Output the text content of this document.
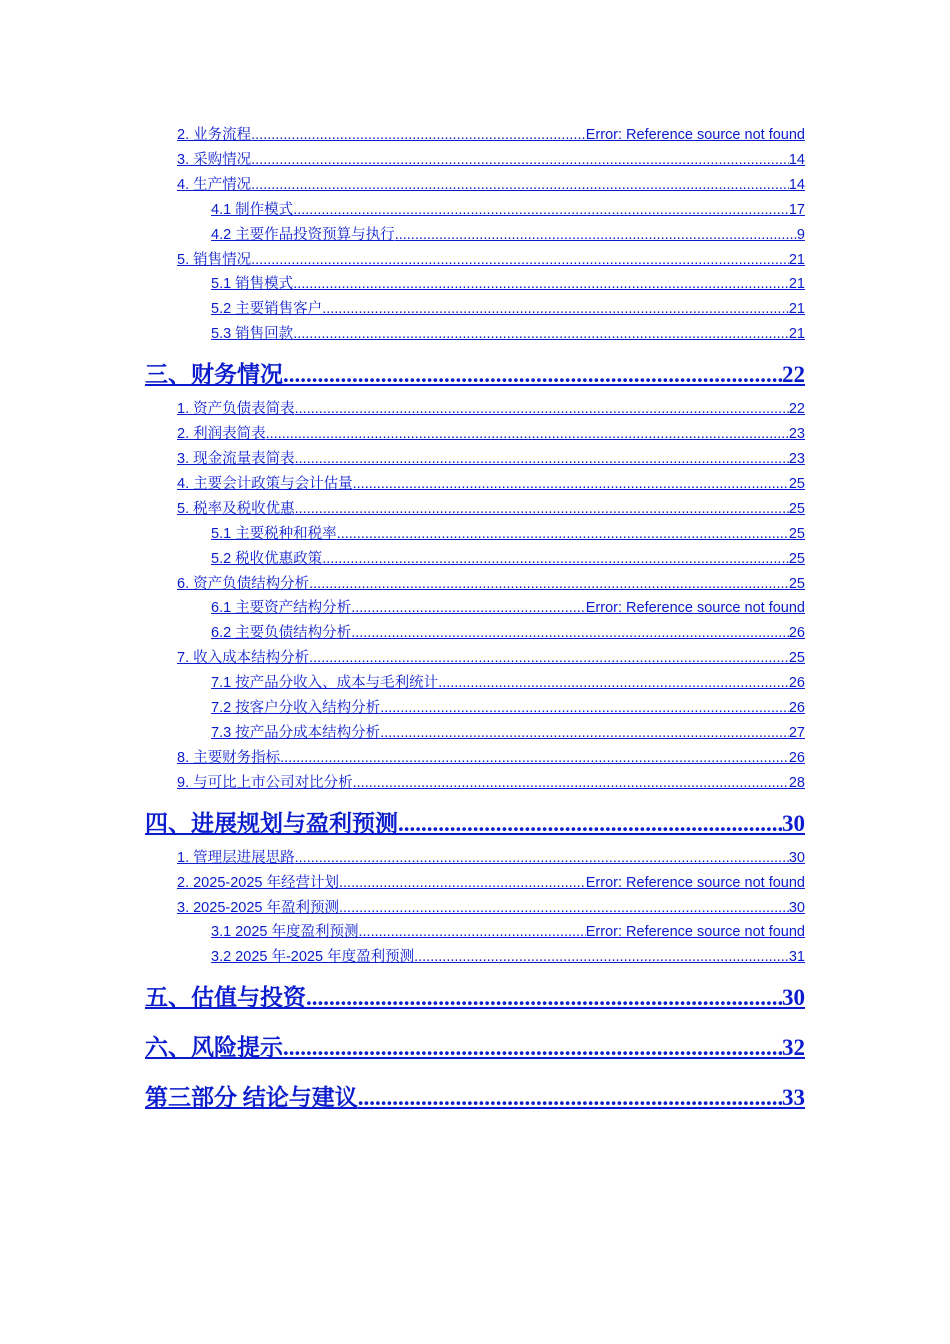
2. 业务流程 .....	Error: Reference source not found
3. 采购情况 .....	14
4. 生产情况 .....	14
4.1 制作模式 .....	17
4.2 主要作品投资预算与执行 .....	9
5. 销售情况 .....	21
5.1 销售模式 .....	21
5.2 主要销售客户 .....	21
5.3 销售回款 .....	21
三、财务情况 .....	22
1. 资产负债表简表 .....	22
2. 利润表简表 .....	23
3. 现金流量表简表 .....	23
4. 主要会计政策与会计估量 .....	25
5. 税率及税收优惠 .....	25
5.1 主要税种和税率 .....	25
5.2 税收优惠政策 .....	25
6. 资产负债结构分析 .....	25
6.1 主要资产结构分析 .....	Error: Reference source not found
6.2 主要负债结构分析 .....	26
7. 收入成本结构分析 .....	25
7.1 按产品分收入、成本与毛利统计 .....	26
7.2 按客户分收入结构分析 .....	26
7.3 按产品分成本结构分析 .....	27
8. 主要财务指标 .....	26
9. 与可比上市公司对比分析 .....	28
四、进展规划与盈利预测 .....	30
1. 管理层进展思路 .....	30
2. 2025-2025 年经营计划 .....	Error: Reference source not found
3. 2025-2025 年盈利预测 .....	30
3.1 2025 年度盈利预测 .....	Error: Reference source not found
3.2 2025 年-2025 年度盈利预测 .....	31
五、估值与投资 .....	30
六、风险提示 .....	32
第三部分 结论与建议 .....	33
